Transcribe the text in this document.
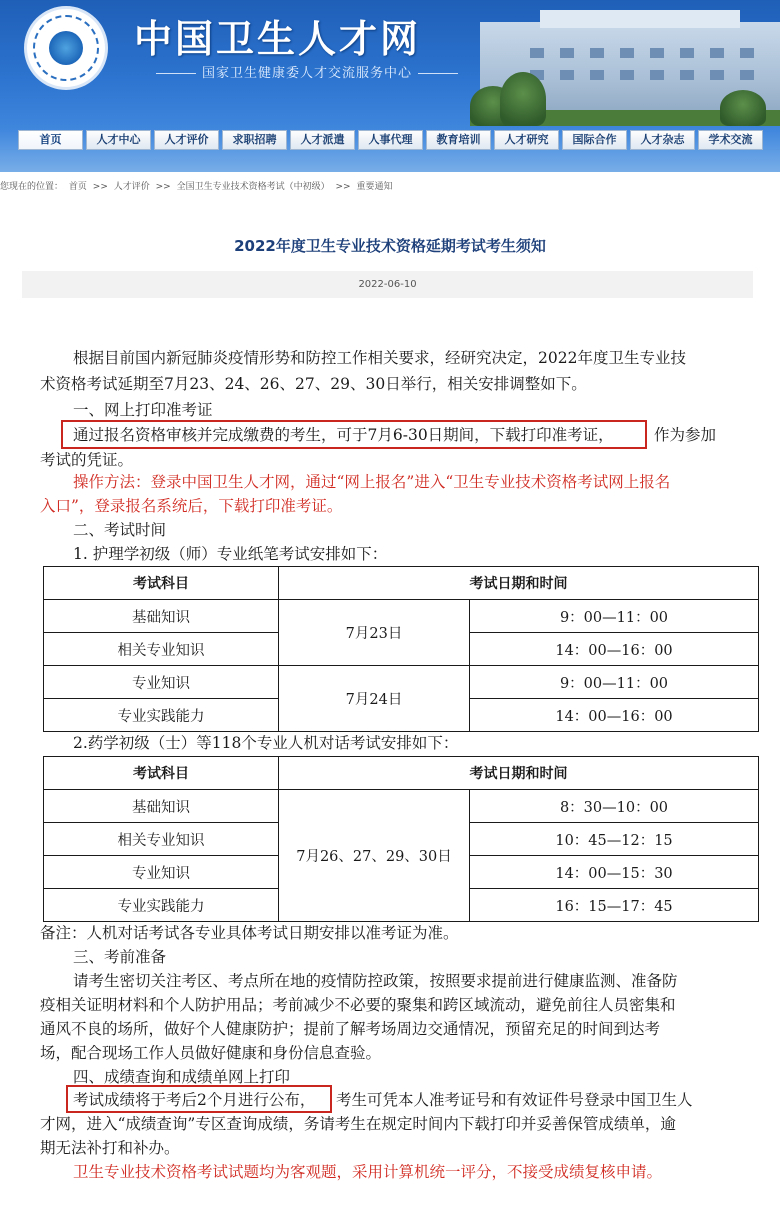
中国卫生人才网
国家卫生健康委人才交流服务中心
首页	人才中心	人才评价	求职招聘	人才派遣	人事代理	教育培训	人才研究	国际合作	人才杂志	学术交流
您现在的位置： 首页 >> 人才评价 >> 全国卫生专业技术资格考试（中初级） >> 重要通知
2022年度卫生专业技术资格延期考试考生须知
2022-06-10
根据目前国内新冠肺炎疫情形势和防控工作相关要求，经研究决定，2022年度卫生专业技
术资格考试延期至7月23、24、26、27、29、30日举行，相关安排调整如下。
一、网上打印准考证
通过报名资格审核并完成缴费的考生，可于7月6-30日期间，下载打印准考证，	作为参加
考试的凭证。
操作方法：登录中国卫生人才网，通过“网上报名”进入“卫生专业技术资格考试网上报名
入口”，登录报名系统后，下载打印准考证。
二、考试时间
1. 护理学初级（师）专业纸笔考试安排如下：
考试科目	考试日期和时间	
基础知识	7月23日	9：00—11：00
相关专业知识		14：00—16：00
专业知识	7月24日	9：00—11：00
专业实践能力		14：00—16：00
2.药学初级（士）等118个专业人机对话考试安排如下：
考试科目	考试日期和时间	
基础知识	7月26、27、29、30日	8：30—10：00
相关专业知识		10：45—12：15
专业知识		14：00—15：30
专业实践能力		16：15—17：45
备注：人机对话考试各专业具体考试日期安排以准考证为准。
三、考前准备
请考生密切关注考区、考点所在地的疫情防控政策，按照要求提前进行健康监测、准备防
疫相关证明材料和个人防护用品；考前减少不必要的聚集和跨区域流动，避免前往人员密集和
通风不良的场所，做好个人健康防护；提前了解考场周边交通情况，预留充足的时间到达考
场，配合现场工作人员做好健康和身份信息查验。
四、成绩查询和成绩单网上打印
考试成绩将于考后2个月进行公布， 考生可凭本人准考证号和有效证件号登录中国卫生人
才网，进入“成绩查询”专区查询成绩，务请考生在规定时间内下载打印并妥善保管成绩单，逾
期无法补打和补办。
卫生专业技术资格考试试题均为客观题，采用计算机统一评分，不接受成绩复核申请。
